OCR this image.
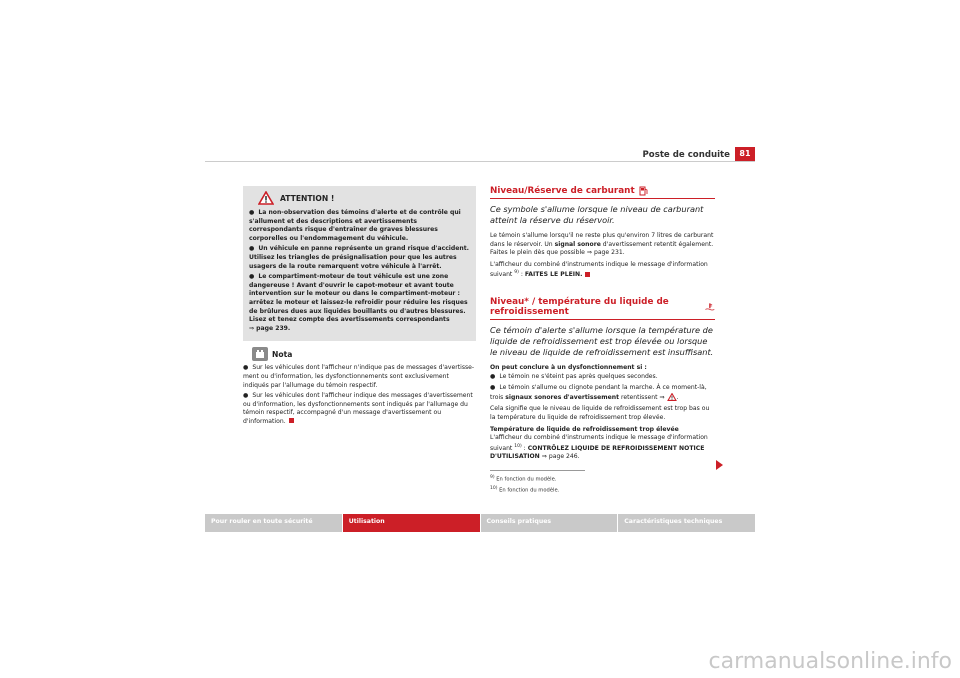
Poste de conduite	81
ATTENTION !
● La non-observation des témoins d'alerte et de contrôle qui s'allument et des descriptions et avertissements correspondants risque d'entraîner de graves blessures corporelles ou l'endommagement du véhicule.
● Un véhicule en panne représente un grand risque d'accident. Utilisez les triangles de présignalisation pour que les autres usagers de la route remarquent votre véhicule à l'arrêt.
● Le compartiment-moteur de tout véhicule est une zone dangereuse ! Avant d'ouvrir le capot-moteur et avant toute intervention sur le moteur ou dans le compartiment-moteur : arrêtez le moteur et laissez-le refroidir pour réduire les risques de brûlures dues aux liquides bouillants ou d'autres blessures. Lisez et tenez compte des avertissements correspondants
⇒ page 239.
Nota
● Sur les véhicules dont l'afficheur n'indique pas de messages d'avertisse-ment ou d'information, les dysfonctionnements sont exclusivement indiqués par l'allumage du témoin respectif.
● Sur les véhicules dont l'afficheur indique des messages d'avertissement ou d'information, les dysfonctionnements sont indiqués par l'allumage du témoin respectif, accompagné d'un message d'avertissement ou d'information.
Niveau/Réserve de carburant
Ce symbole s'allume lorsque le niveau de carburant atteint la réserve du réservoir.
Le témoin s'allume lorsqu'il ne reste plus qu'environ 7 litres de carburant dans le réservoir. Un signal sonore d'avertissement retentit également. Faites le plein dès que possible ⇒ page 231.
L'afficheur du combiné d'instruments indique le message d'information suivant $^{9)}$ : FAITES LE PLEIN.
Niveau* / température du liquide de refroidissement
Ce témoin d'alerte s'allume lorsque la température de liquide de refroidissement est trop élevée ou lorsque le niveau de liquide de refroidissement est insuffisant.
On peut conclure à un dysfonctionnement si :
● Le témoin ne s'éteint pas après quelques secondes.
● Le témoin s'allume ou clignote pendant la marche. À ce moment-là, trois signaux sonores d'avertissement retentissent ⇒ .
Cela signifie que le niveau de liquide de refroidissement est trop bas ou la température du liquide de refroidissement trop élevée.
Température de liquide de refroidissement trop élevée
L'afficheur du combiné d'instruments indique le message d'information suivant $^{10)}$ : CONTRÔLEZ LIQUIDE DE REFROIDISSEMENT NOTICE D'UTILISATION ⇒ page 246.
$^{9)}$ En fonction du modèle.
$^{10)}$ En fonction du modèle.
Pour rouler en toute sécurité	Utilisation	Conseils pratiques	Caractéristiques techniques
carmanualsonline.info
